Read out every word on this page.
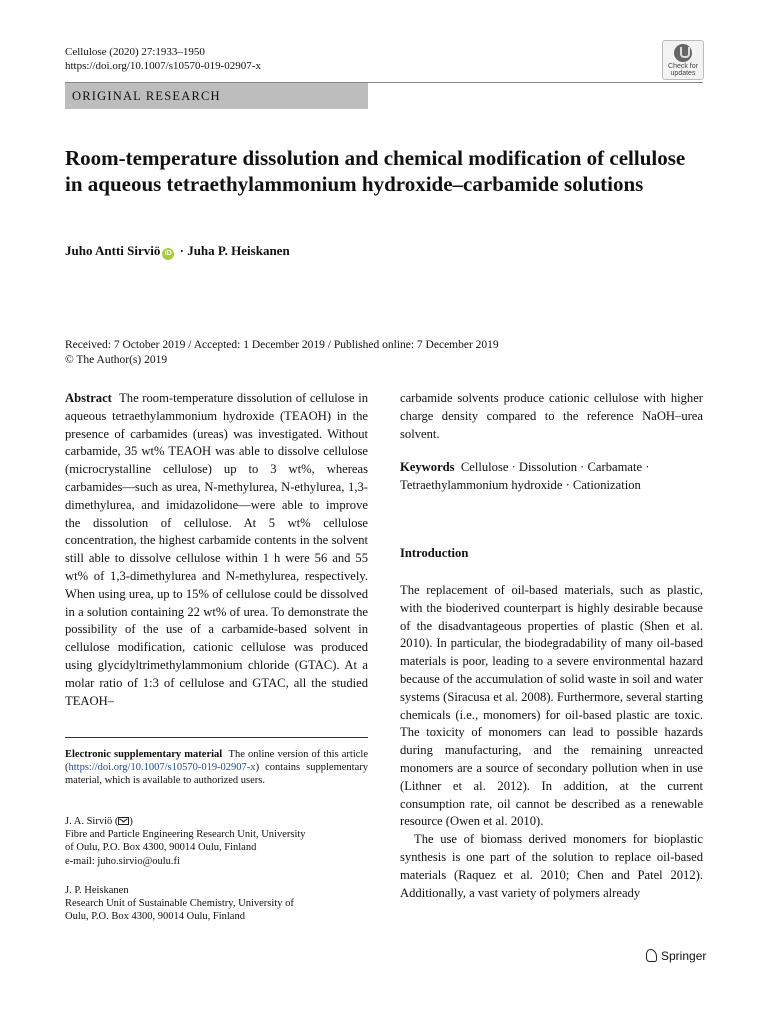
Cellulose (2020) 27:1933–1950
https://doi.org/10.1007/s10570-019-02907-x	Check for
updates
ORIGINAL RESEARCH
Room-temperature dissolution and chemical modification of cellulose in aqueous tetraethylammonium hydroxide–carbamide solutions
Juho Antti Sirviö iD · Juha P. Heiskanen
Received: 7 October 2019 / Accepted: 1 December 2019 / Published online: 7 December 2019
© The Author(s) 2019
Abstract The room-temperature dissolution of cellulose in aqueous tetraethylammonium hydroxide (TEAOH) in the presence of carbamides (ureas) was investigated. Without carbamide, 35 wt% TEAOH was able to dissolve cellulose (microcrystalline cellulose) up to 3 wt%, whereas carbamides—such as urea, N-methylurea, N-ethylurea, 1,3-dimethylurea, and imidazolidone—were able to improve the dissolution of cellulose. At 5 wt% cellulose concentration, the highest carbamide contents in the solvent still able to dissolve cellulose within 1 h were 56 and 55 wt% of 1,3-dimethylurea and N-methylurea, respectively. When using urea, up to 15% of cellulose could be dissolved in a solution containing 22 wt% of urea. To demonstrate the possibility of the use of a carbamide-based solvent in cellulose modification, cationic cellulose was produced using glycidyltrimethylammonium chloride (GTAC). At a molar ratio of 1:3 of cellulose and GTAC, all the studied TEAOH–
carbamide solvents produce cationic cellulose with higher charge density compared to the reference NaOH–urea solvent.
Keywords Cellulose · Dissolution · Carbamate · Tetraethylammonium hydroxide · Cationization
Introduction

The replacement of oil-based materials, such as plastic, with the bioderived counterpart is highly desirable because of the disadvantageous properties of plastic (Shen et al. 2010). In particular, the biodegradability of many oil-based materials is poor, leading to a severe environmental hazard because of the accumulation of solid waste in soil and water systems (Siracusa et al. 2008). Furthermore, several starting chemicals (i.e., monomers) for oil-based plastic are toxic. The toxicity of monomers can lead to possible hazards during manufacturing, and the remaining unreacted monomers are a source of secondary pollution when in use (Lithner et al. 2012). In addition, at the current consumption rate, oil cannot be described as a renewable resource (Owen et al. 2010).

The use of biomass derived monomers for bioplastic synthesis is one part of the solution to replace oil-based materials (Raquez et al. 2010; Chen and Patel 2012). Additionally, a vast variety of polymers already

Electronic supplementary material The online version of this article (https://doi.org/10.1007/s10570-019-02907-x) contains supplementary material, which is available to authorized users.
J. A. Sirviö ( )
Fibre and Particle Engineering Research Unit, University
of Oulu, P.O. Box 4300, 90014 Oulu, Finland
e-mail: juho.sirvio@oulu.fi
J. P. Heiskanen
Research Unit of Sustainable Chemistry, University of
Oulu, P.O. Box 4300, 90014 Oulu, Finland
Springer
